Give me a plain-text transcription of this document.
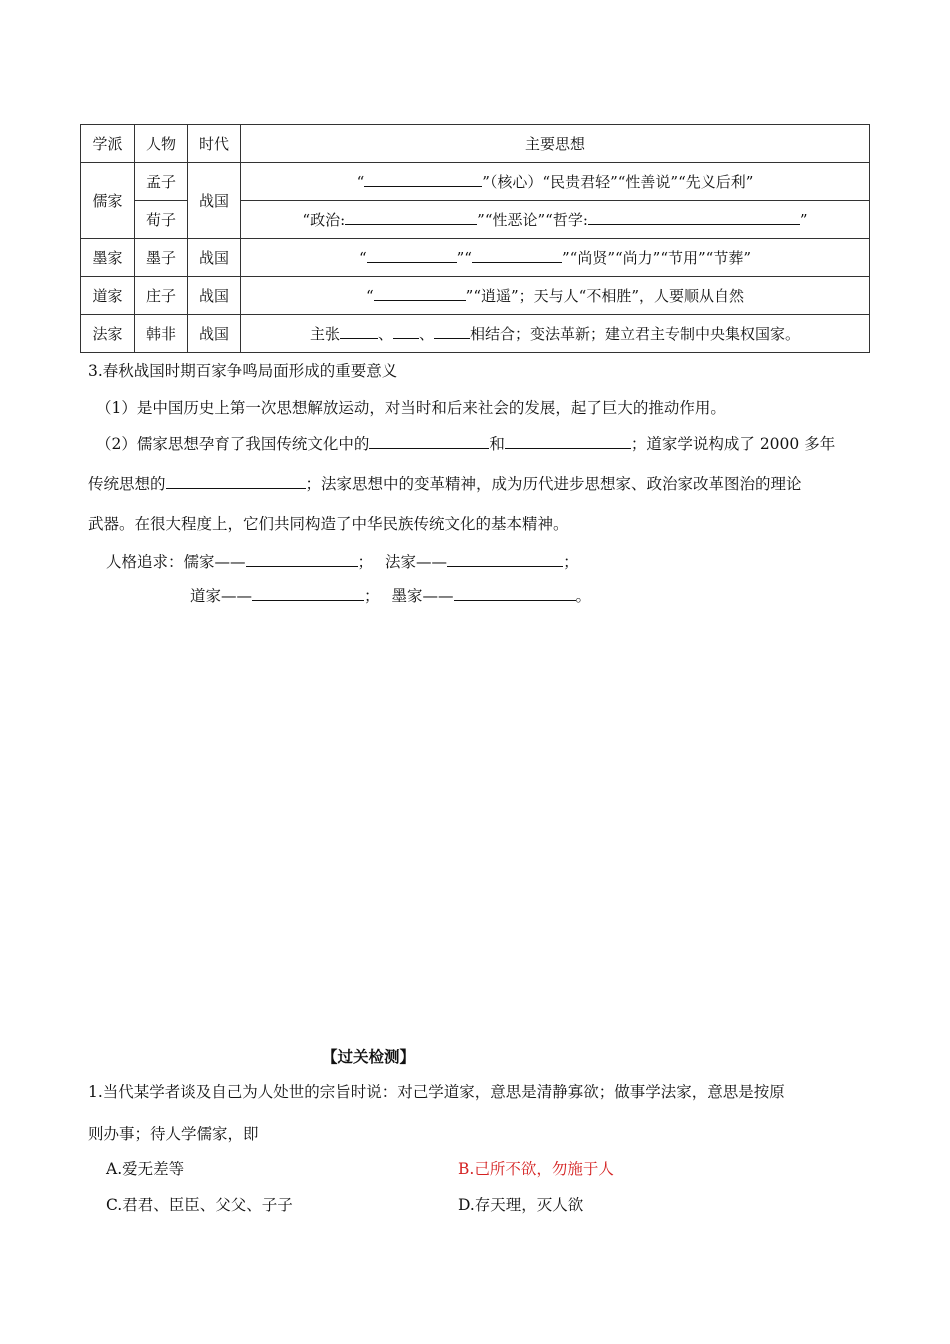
学派	人物	时代	主要思想
儒家	孟子	战国	“ ”（核心）“民贵君轻”“性善说”“先义后利”
	荀子		“政治: ”“性恶论”“哲学: ”
墨家	墨子	战国	“ ”“ ”“尚贤”“尚力”“节用”“节葬”
道家	庄子	战国	“ ”“逍遥”；天与人“不相胜”，人要顺从自然
法家	韩非	战国	主张 、 、 相结合；变法革新；建立君主专制中央集权国家。
3.春秋战国时期百家争鸣局面形成的重要意义
（1）是中国历史上第一次思想解放运动，对当时和后来社会的发展，起了巨大的推动作用。
（2）儒家思想孕育了我国传统文化中的	和	；道家学说构成了 2000 多年
传统思想的	；法家思想中的变革精神，成为历代进步思想家、政治家改革图治的理论
武器。在很大程度上，它们共同构造了中华民族传统文化的基本精神。
人格追求：儒家——	； 法家——	；
道家——	； 墨家——	。
【过关检测】
1.当代某学者谈及自己为人处世的宗旨时说：对己学道家，意思是清静寡欲；做事学法家，意思是按原
则办事；待人学儒家，即
A.爱无差等	B.己所不欲，勿施于人
C.君君、臣臣、父父、子子	D.存天理，灭人欲
